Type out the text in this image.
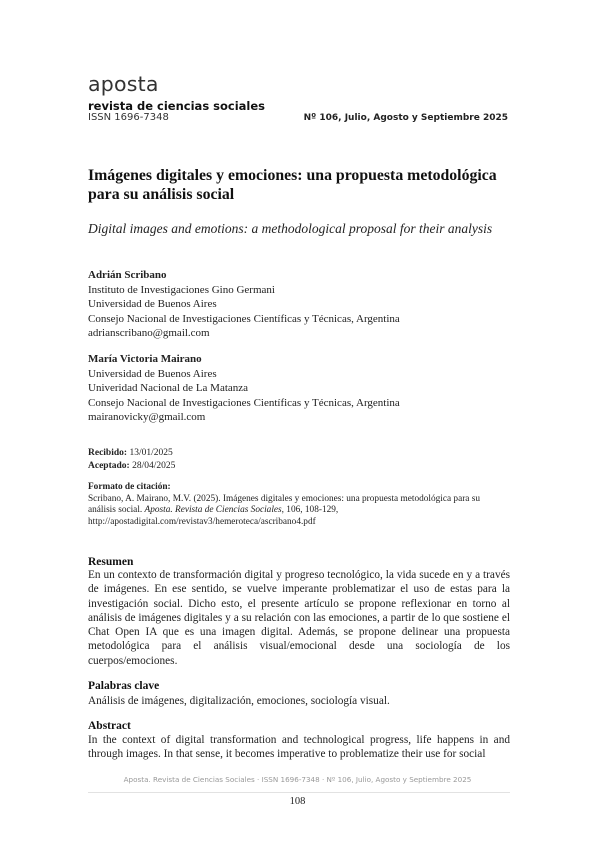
aposta
revista de ciencias sociales
ISSN 1696-7348	Nº 106, Julio, Agosto y Septiembre 2025
Imágenes digitales y emociones: una propuesta metodológica para su análisis social
Digital images and emotions: a methodological proposal for their analysis
Adrián Scribano
Instituto de Investigaciones Gino Germani
Universidad de Buenos Aires
Consejo Nacional de Investigaciones Científicas y Técnicas, Argentina
adrianscribano@gmail.com
María Victoria Mairano
Universidad de Buenos Aires
Univeridad Nacional de La Matanza
Consejo Nacional de Investigaciones Científicas y Técnicas, Argentina
mairanovicky@gmail.com
Recibido: 13/01/2025
Aceptado: 28/04/2025
Formato de citación:
Scribano, A. Mairano, M.V. (2025). Imágenes digitales y emociones: una propuesta metodológica para su análisis social. Aposta. Revista de Ciencias Sociales, 106, 108-129,
http://apostadigital.com/revistav3/hemeroteca/ascribano4.pdf
Resumen
En un contexto de transformación digital y progreso tecnológico, la vida sucede en y a través de imágenes. En ese sentido, se vuelve imperante problematizar el uso de estas para la investigación social. Dicho esto, el presente artículo se propone reflexionar en torno al análisis de imágenes digitales y a su relación con las emociones, a partir de lo que sostiene el Chat Open IA que es una imagen digital. Además, se propone delinear una propuesta metodológica para el análisis visual/emocional desde una sociología de los cuerpos/emociones.
Palabras clave
Análisis de imágenes, digitalización, emociones, sociología visual.
Abstract
In the context of digital transformation and technological progress, life happens in and through images. In that sense, it becomes imperative to problematize their use for social
Aposta. Revista de Ciencias Sociales · ISSN 1696-7348 · Nº 106, Julio, Agosto y Septiembre 2025
108
